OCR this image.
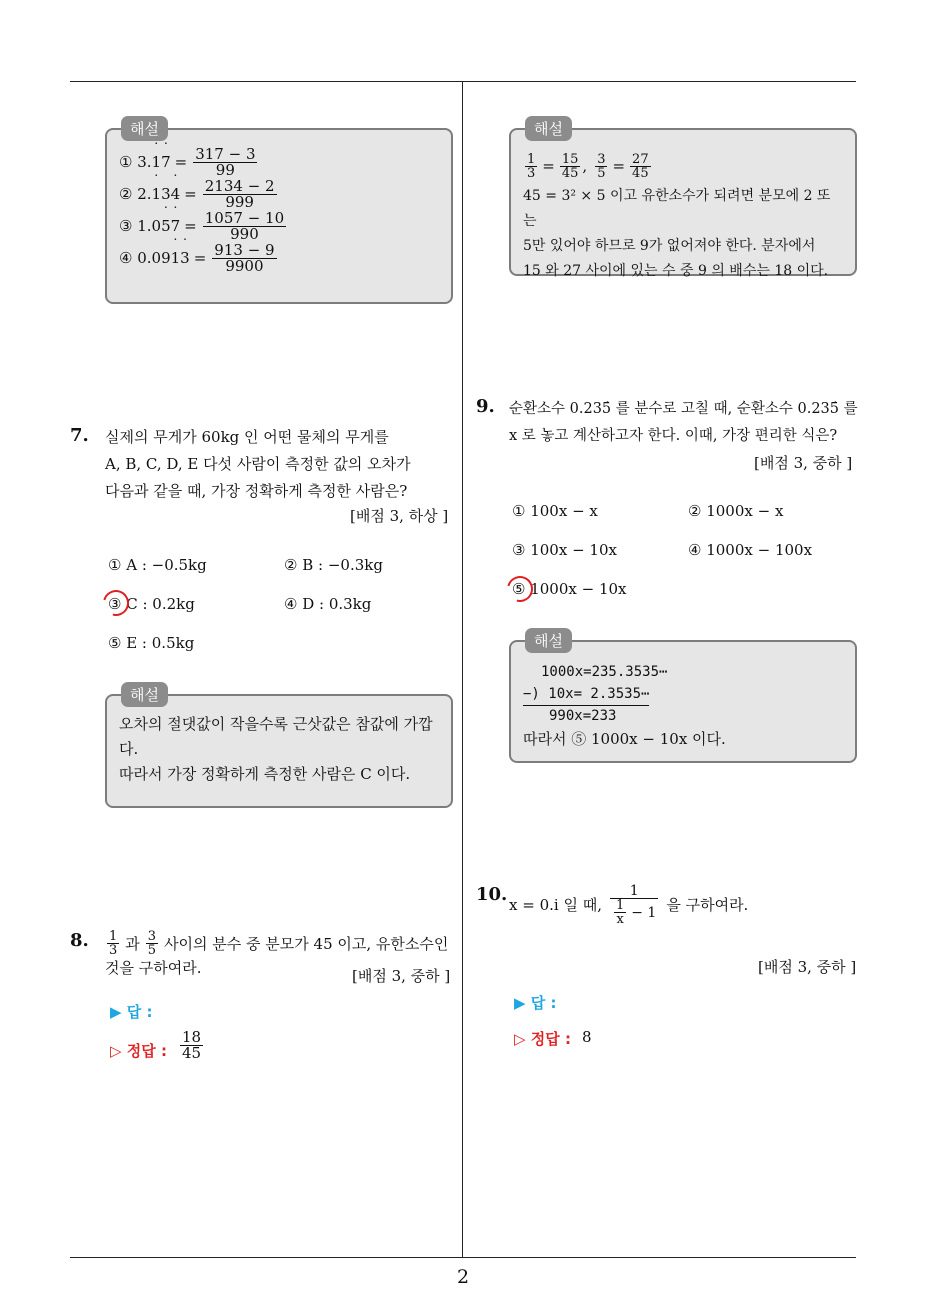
2
해설
① 3. 1 ˙ 7 ˙ = $\frac{317 - 3}{99}$
② 2. 1 ˙ 3 4 ˙ = $\frac{2134 - 2}{999}$
③ 1.0 5 ˙ 7 ˙ = $\frac{1057 - 10}{990}$
④ 0.09 1 ˙ 3 ˙ = $\frac{913 - 9}{9900}$
7. 실제의 무게가 60kg 인 어떤 물체의 무게를
A, B, C, D, E 다섯 사람이 측정한 값의 오차가
다음과 같을 때, 가장 정확하게 측정한 사람은?
[배점 3, 하상 ]
① A : −0.5kg	② B : −0.3kg
③ C : 0.2kg	④ D : 0.3kg
⑤ E : 0.5kg
해설
오차의 절댓값이 작을수록 근삿값은 참값에 가깝
다.
따라서 가장 정확하게 측정한 사람은 C 이다.
8. $\frac{1}{3}$ 과 $\frac{3}{5}$ 사이의 분수 중 분모가 45 이고, 유한소수인
것을 구하여라.	[배점 3, 중하 ]
▶ 답 :
▷ 정답 : $\frac{18}{45}$
해설
$\frac{1}{3} = \frac{15}{45}$ , $\frac{3}{5} = \frac{27}{45}$
45 = 3² × 5 이고 유한소수가 되려면 분모에 2 또는
5만 있어야 하므로 9가 없어져야 한다. 분자에서
15 와 27 사이에 있는 수 중 9 의 배수는 18 이다.
9. 순환소수 0.235̇ 를 분수로 고칠 때, 순환소수 0.235̇ 를
x 로 놓고 계산하고자 한다. 이때, 가장 편리한 식은?
[배점 3, 중하 ]
① 100x − x	② 1000x − x
③ 100x − 10x	④ 1000x − 100x
⑤ 1000x − 10x
해설
1000x=235.3535⋯
−) 10x= 2.3535⋯
990x=233
따라서 ⑤ 1000x − 10x 이다.
10. x = 0.i 일 때, $\frac{1}{\frac{1}{x} - 1}$ 을 구하여라.
[배점 3, 중하 ]
▶ 답 :
▷ 정답 : 8
